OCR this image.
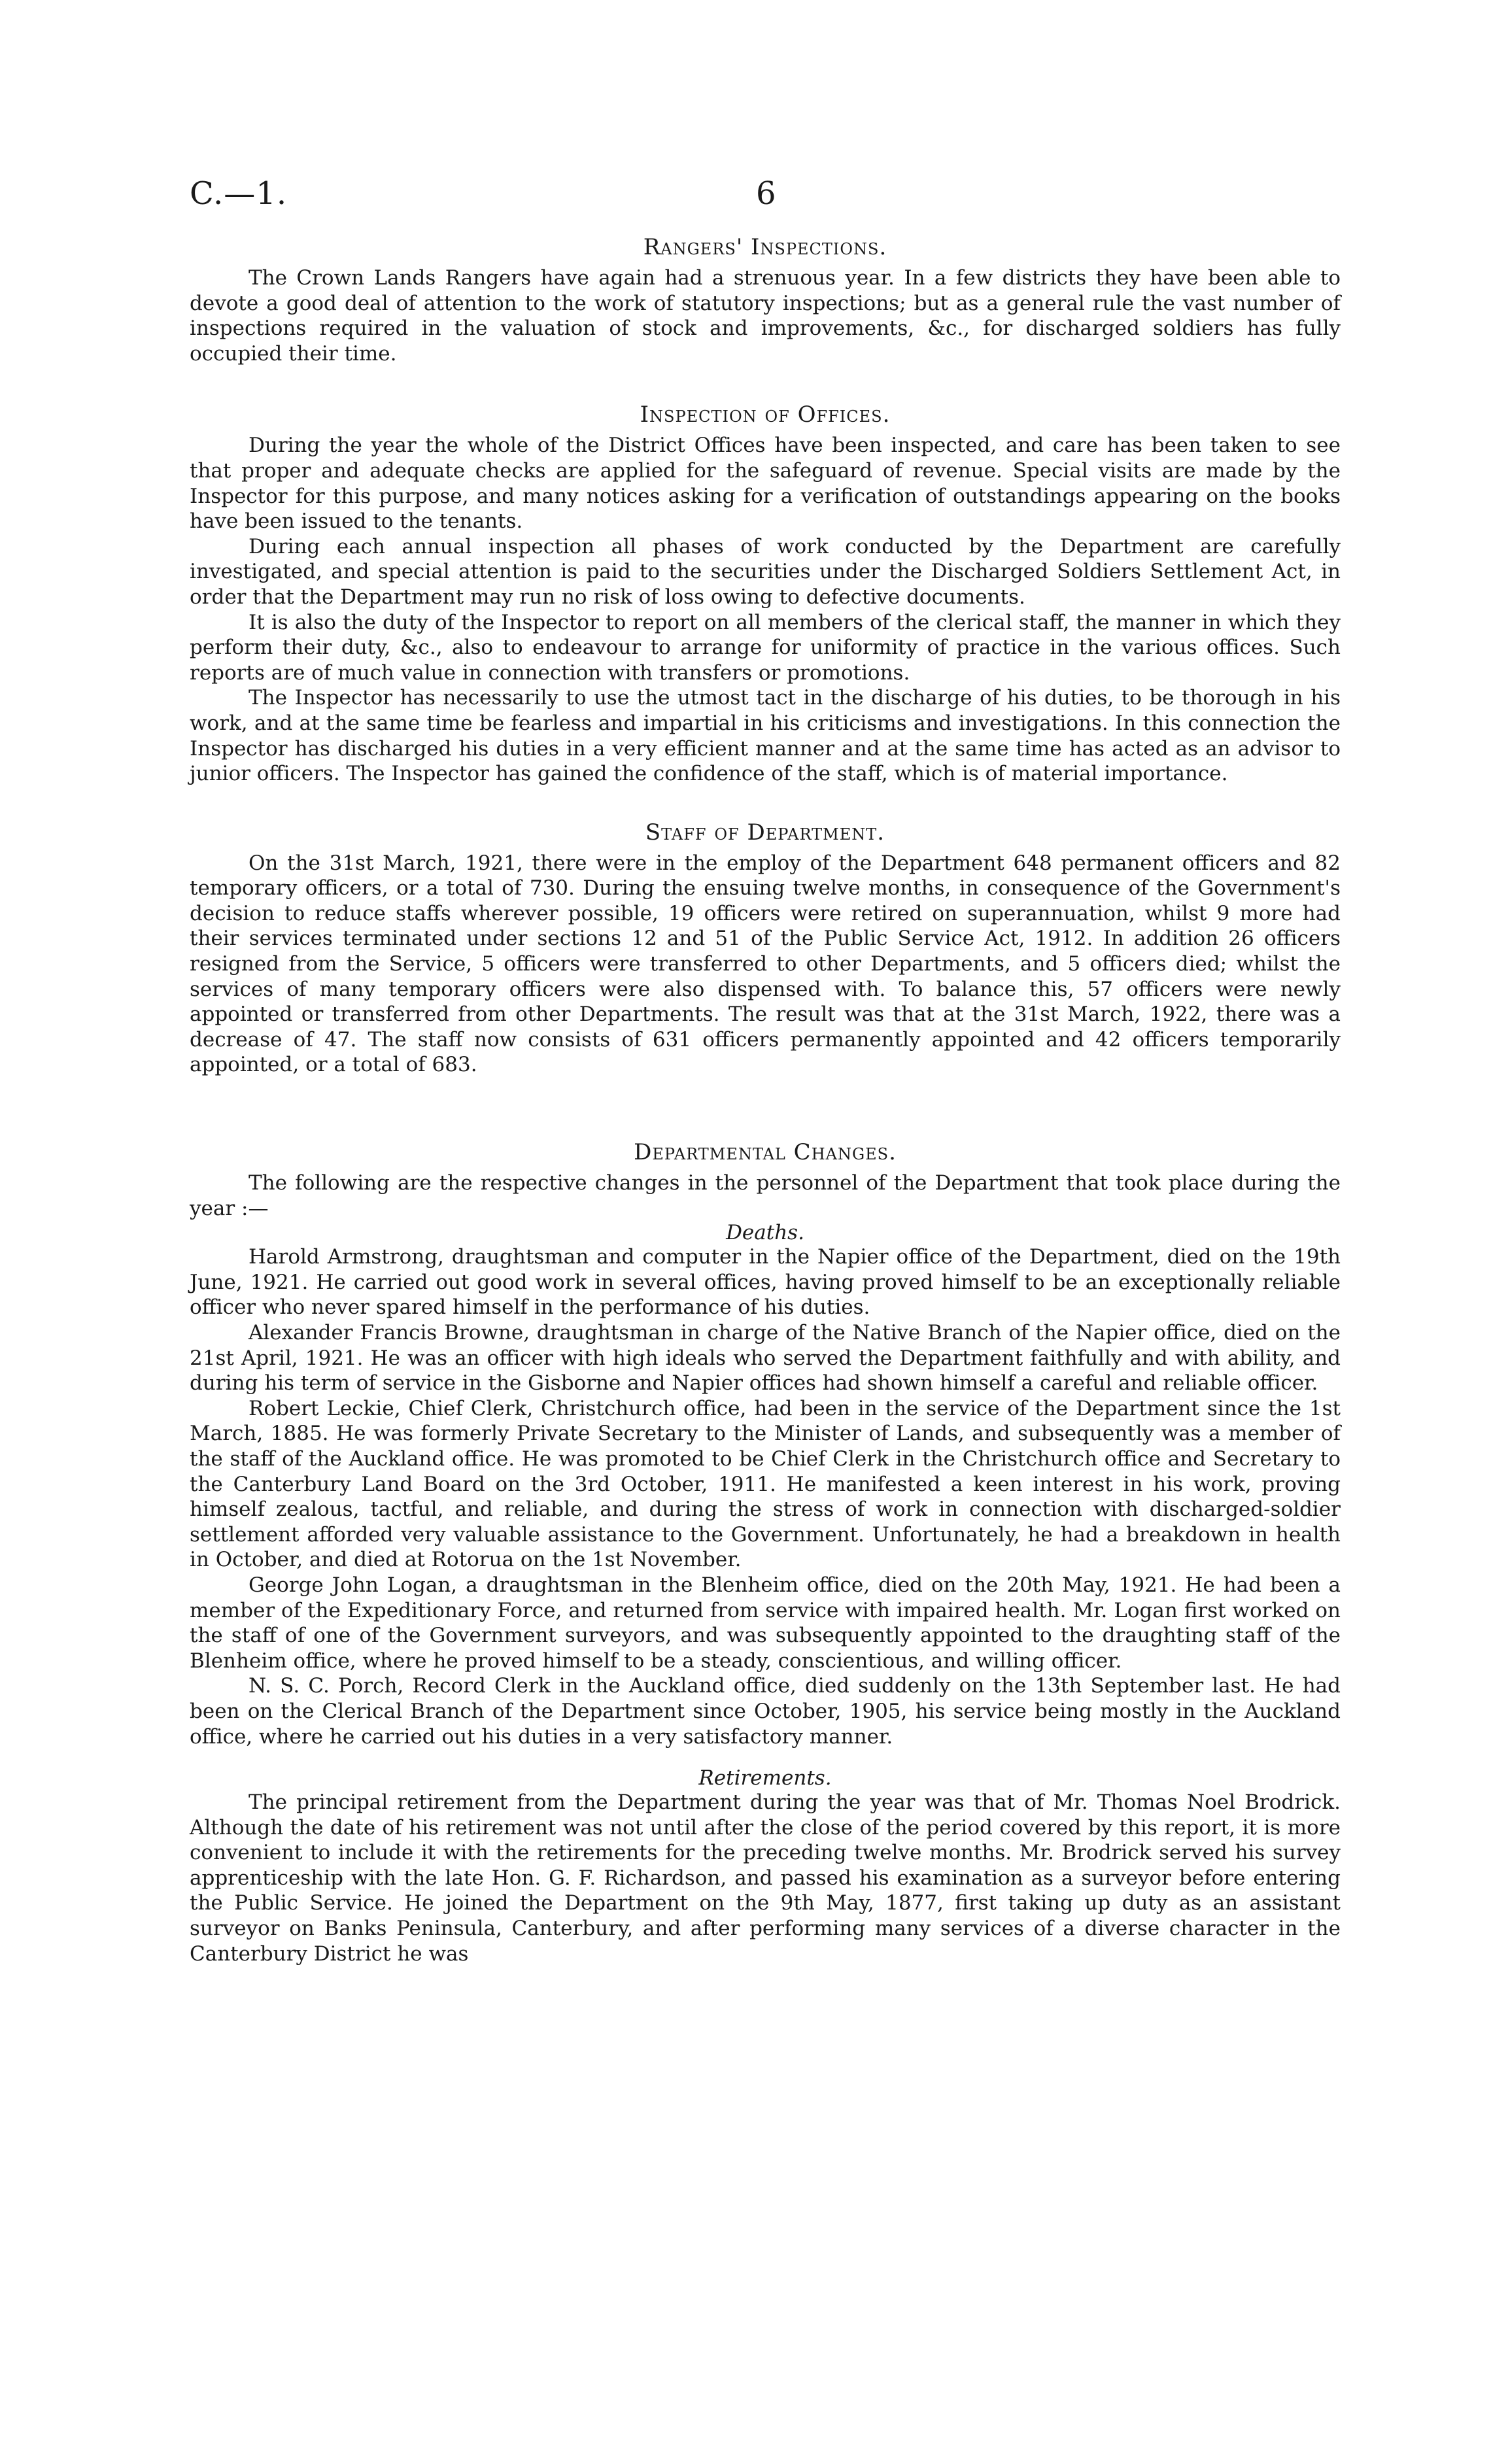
C.—1.	6
Rangers' Inspections.

The Crown Lands Rangers have again had a strenuous year. In a few districts they have been able to devote a good deal of attention to the work of statutory inspections; but as a general rule the vast number of inspections required in the valuation of stock and improvements, &c., for discharged soldiers has fully occupied their time.

Inspection of Offices.

During the year the whole of the District Offices have been inspected, and care has been taken to see that proper and adequate checks are applied for the safeguard of revenue. Special visits are made by the Inspector for this purpose, and many notices asking for a verification of outstandings appearing on the books have been issued to the tenants.

During each annual inspection all phases of work conducted by the Department are carefully investigated, and special attention is paid to the securities under the Discharged Soldiers Settlement Act, in order that the Department may run no risk of loss owing to defective documents.

It is also the duty of the Inspector to report on all members of the clerical staff, the manner in which they perform their duty, &c., also to endeavour to arrange for uniformity of practice in the various offices. Such reports are of much value in connection with transfers or promotions.

The Inspector has necessarily to use the utmost tact in the discharge of his duties, to be thorough in his work, and at the same time be fearless and impartial in his criticisms and investigations. In this connection the Inspector has discharged his duties in a very efficient manner and at the same time has acted as an advisor to junior officers. The Inspector has gained the confidence of the staff, which is of material importance.

Staff of Department.

On the 31st March, 1921, there were in the employ of the Department 648 permanent officers and 82 temporary officers, or a total of 730. During the ensuing twelve months, in consequence of the Government's decision to reduce staffs wherever possible, 19 officers were retired on superannuation, whilst 9 more had their services terminated under sections 12 and 51 of the Public Service Act, 1912. In addition 26 officers resigned from the Service, 5 officers were transferred to other Departments, and 5 officers died; whilst the services of many temporary officers were also dispensed with. To balance this, 57 officers were newly appointed or transferred from other Departments. The result was that at the 31st March, 1922, there was a decrease of 47. The staff now consists of 631 officers permanently appointed and 42 officers temporarily appointed, or a total of 683.

Departmental Changes.

The following are the respective changes in the personnel of the Department that took place during the year :—

Deaths.

Harold Armstrong, draughtsman and computer in the Napier office of the Department, died on the 19th June, 1921. He carried out good work in several offices, having proved himself to be an exceptionally reliable officer who never spared himself in the performance of his duties.

Alexander Francis Browne, draughtsman in charge of the Native Branch of the Napier office, died on the 21st April, 1921. He was an officer with high ideals who served the Department faithfully and with ability, and during his term of service in the Gisborne and Napier offices had shown himself a careful and reliable officer.

Robert Leckie, Chief Clerk, Christchurch office, had been in the service of the Department since the 1st March, 1885. He was formerly Private Secretary to the Minister of Lands, and subsequently was a member of the staff of the Auckland office. He was promoted to be Chief Clerk in the Christchurch office and Secretary to the Canterbury Land Board on the 3rd October, 1911. He manifested a keen interest in his work, proving himself zealous, tactful, and reliable, and during the stress of work in connection with discharged-soldier settlement afforded very valuable assistance to the Government. Unfortunately, he had a breakdown in health in October, and died at Rotorua on the 1st November.

George John Logan, a draughtsman in the Blenheim office, died on the 20th May, 1921. He had been a member of the Expeditionary Force, and returned from service with impaired health. Mr. Logan first worked on the staff of one of the Government surveyors, and was subsequently appointed to the draughting staff of the Blenheim office, where he proved himself to be a steady, conscientious, and willing officer.

N. S. C. Porch, Record Clerk in the Auckland office, died suddenly on the 13th September last. He had been on the Clerical Branch of the Department since October, 1905, his service being mostly in the Auckland office, where he carried out his duties in a very satisfactory manner.

Retirements.

The principal retirement from the Department during the year was that of Mr. Thomas Noel Brodrick. Although the date of his retirement was not until after the close of the period covered by this report, it is more convenient to include it with the retirements for the preceding twelve months. Mr. Brodrick served his survey apprenticeship with the late Hon. G. F. Richardson, and passed his examination as a surveyor before entering the Public Service. He joined the Department on the 9th May, 1877, first taking up duty as an assistant surveyor on Banks Peninsula, Canterbury, and after performing many services of a diverse character in the Canterbury District he was
